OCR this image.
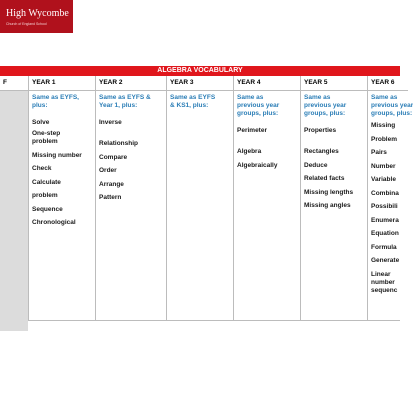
High Wycombe
Church of England School
ALGEBRA VOCABULARY
F	YEAR 1
Same as EYFS,
plus:
Solve
One-step
problem
Missing number
Check
Calculate
problem
Sequence
Chronological
YEAR 2
Same as EYFS &
Year 1, plus:
Inverse
Relationship
Compare
Order
Arrange
Pattern
YEAR 3
Same as EYFS
& KS1, plus:
YEAR 4
Same as
previous year
groups, plus:
Perimeter
Algebra
Algebraically
YEAR 5
Same as
previous year
groups, plus:
Properties
Rectangles
Deduce
Related facts
Missing lengths
Missing angles
YEAR 6
Same as
previous year
groups, plus:
Missing
Problem
Pairs
Number
Variable
Combina
Possibili
Enumera
Equation
Formula
Generate
Linear
number
sequenc
